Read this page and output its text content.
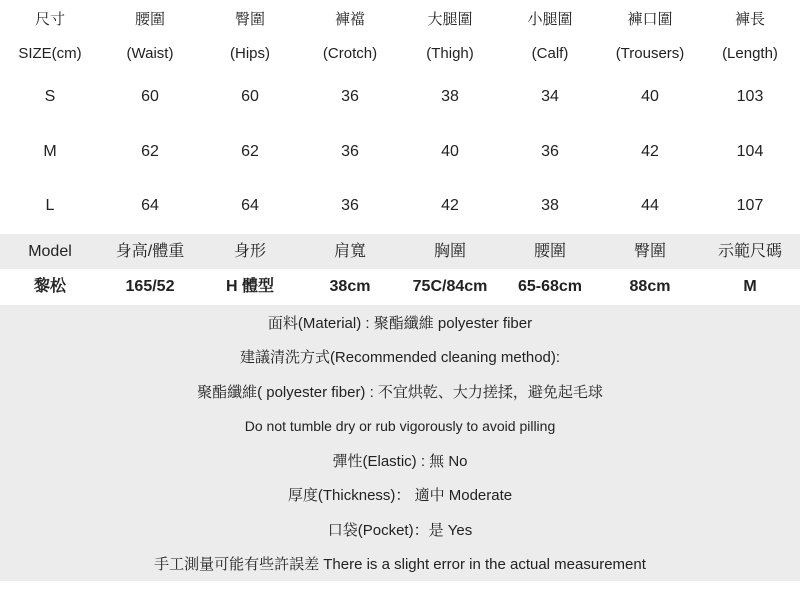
尺寸	腰圍	臀圍	褲襠	大腿圍	小腿圍	褲口圍	褲長
SIZE(cm)	(Waist)	(Hips)	(Crotch)	(Thigh)	(Calf)	(Trousers)	(Length)
S	60	60	36	38	34	40	103
M	62	62	36	40	36	42	104
L	64	64	36	42	38	44	107
Model	身高/體重	身形	肩寬	胸圍	腰圍	臀圍	示範尺碼
黎松	165/52	H 體型	38cm	75C/84cm	65-68cm	88cm	M
面料(Material) : 聚酯纖維 polyester fiber
建議清洗方式(Recommended cleaning method):
聚酯纖維( polyester fiber) : 不宜烘乾、大力搓揉，避免起毛球
Do not tumble dry or rub vigorously to avoid pilling
彈性(Elastic) : 無 No
厚度(Thickness)： 適中 Moderate
口袋(Pocket)：是 Yes
手工測量可能有些許誤差 There is a slight error in the actual measurement
